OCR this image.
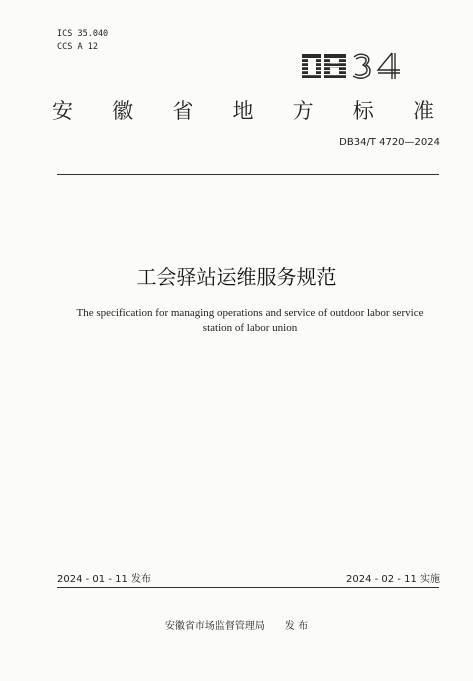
ICS 35.040
CCS A 12
安 徽 省 地 方 标 准
DB34/T 4720—2024
工会驿站运维服务规范
The specification for managing operations and service of outdoor labor service
station of labor union
2024 - 01 - 11 发布	2024 - 02 - 11 实施
安徽省市场监督管理局 发 布
